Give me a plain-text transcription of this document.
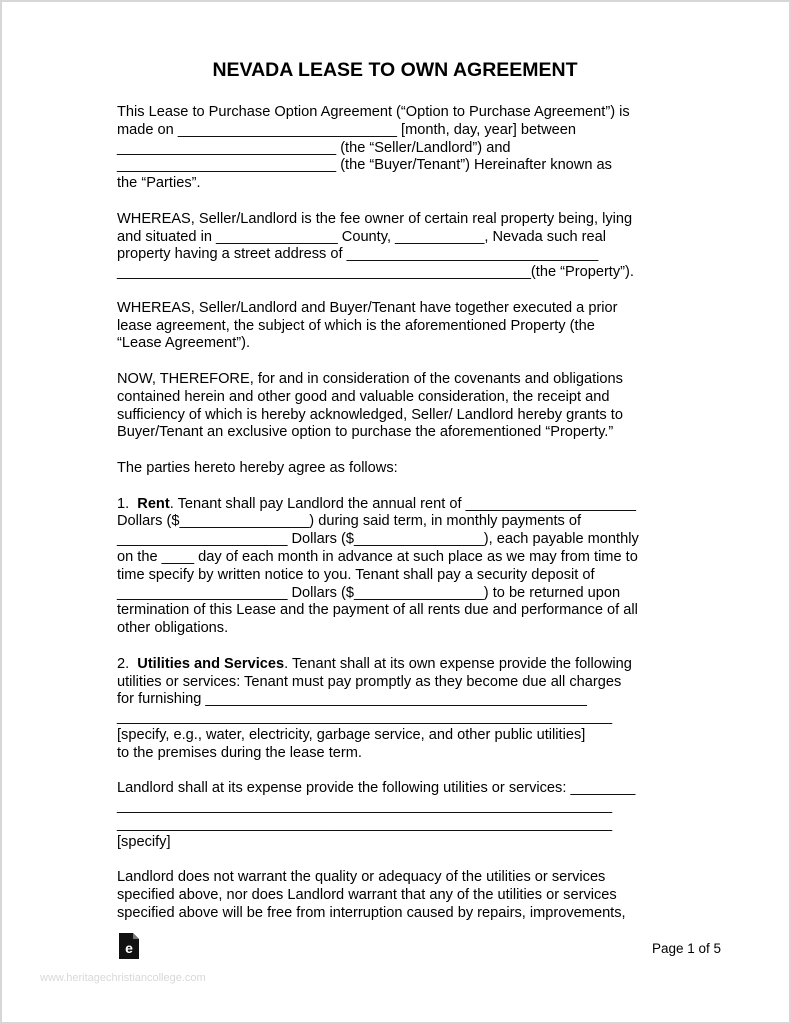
NEVADA LEASE TO OWN AGREEMENT

This Lease to Purchase Option Agreement (“Option to Purchase Agreement”) is
made on ___________________________ [month, day, year] between
___________________________ (the “Seller/Landlord”) and
___________________________ (the “Buyer/Tenant”) Hereinafter known as
the “Parties”.

WHEREAS, Seller/Landlord is the fee owner of certain real property being, lying
and situated in _______________ County, ___________, Nevada such real
property having a street address of _______________________________
___________________________________________________(the “Property”).

WHEREAS, Seller/Landlord and Buyer/Tenant have together executed a prior
lease agreement, the subject of which is the aforementioned Property (the
“Lease Agreement”).

NOW, THEREFORE, for and in consideration of the covenants and obligations
contained herein and other good and valuable consideration, the receipt and
sufficiency of which is hereby acknowledged, Seller/ Landlord hereby grants to
Buyer/Tenant an exclusive option to purchase the aforementioned “Property.”

The parties hereto hereby agree as follows:

1.  Rent. Tenant shall pay Landlord the annual rent of _____________________
Dollars ($________________) during said term, in monthly payments of
_____________________ Dollars ($________________), each payable monthly
on the ____ day of each month in advance at such place as we may from time to
time specify by written notice to you. Tenant shall pay a security deposit of
_____________________ Dollars ($________________) to be returned upon
termination of this Lease and the payment of all rents due and performance of all
other obligations.

2.  Utilities and Services. Tenant shall at its own expense provide the following
utilities or services: Tenant must pay promptly as they become due all charges
for furnishing _______________________________________________
_____________________________________________________________

[specify, e.g., water, electricity, garbage service, and other public utilities]
to the premises during the lease term.

Landlord shall at its expense provide the following utilities or services: ________
_____________________________________________________________
_____________________________________________________________

[specify]

Landlord does not warrant the quality or adequacy of the utilities or services
specified above, nor does Landlord warrant that any of the utilities or services
specified above will be free from interruption caused by repairs, improvements,

e	Page 1 of 5
www.heritagechristiancollege.com
